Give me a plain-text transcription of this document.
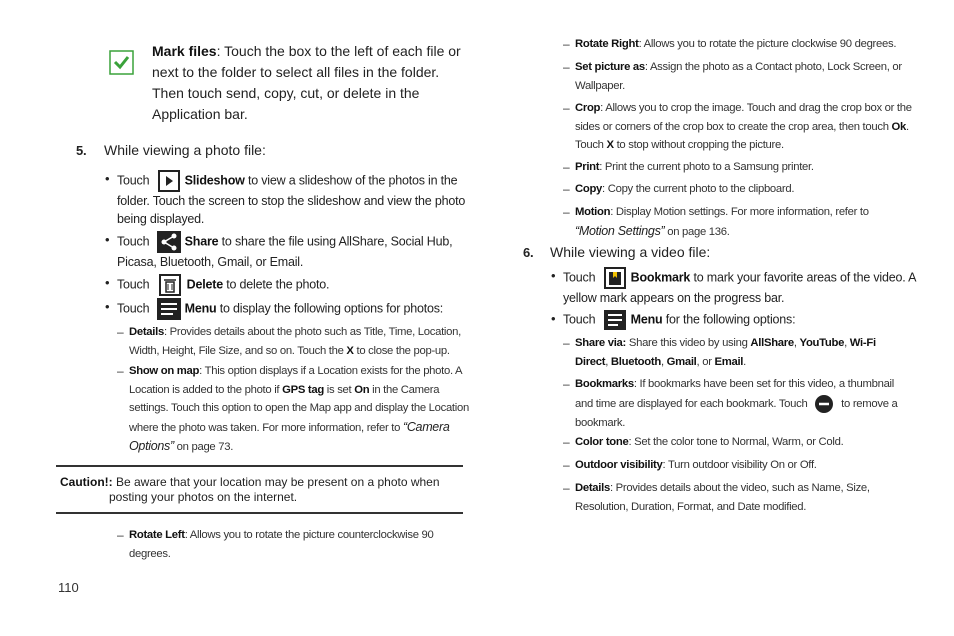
Mark files: Touch the box to the left of each file or
next to the folder to select all files in the folder.
Then touch send, copy, cut, or delete in the
Application bar.
5. While viewing a photo file:
• Touch	Slideshow to view a slideshow of the photos in the
folder. Touch the screen to stop the slideshow and view the photo
being displayed.
• Touch	Share to share the file using AllShare, Social Hub,
Picasa, Bluetooth, Gmail, or Email.
• Touch	Delete to delete the photo.
• Touch	Menu to display the following options for photos:
– Details: Provides details about the photo such as Title, Time, Location,
Width, Height, File Size, and so on. Touch the X to close the pop-up.
– Show on map: This option displays if a Location exists for the photo. A
Location is added to the photo if GPS tag is set On in the Camera
settings. Touch this option to open the Map app and display the Location
where the photo was taken. For more information, refer to “Camera
Options” on page 73.
Caution!: Be aware that your location may be present on a photo when
posting your photos on the internet.
– Rotate Left: Allows you to rotate the picture counterclockwise 90
degrees.
110
– Rotate Right: Allows you to rotate the picture clockwise 90 degrees.
– Set picture as: Assign the photo as a Contact photo, Lock Screen, or
Wallpaper.
– Crop: Allows you to crop the image. Touch and drag the crop box or the
sides or corners of the crop box to create the crop area, then touch Ok.
Touch X to stop without cropping the picture.
– Print: Print the current photo to a Samsung printer.
– Copy: Copy the current photo to the clipboard.
– Motion: Display Motion settings. For more information, refer to
“Motion Settings” on page 136.
6. While viewing a video file:
• Touch	Bookmark to mark your favorite areas of the video. A
yellow mark appears on the progress bar.
• Touch	Menu for the following options:
– Share via: Share this video by using AllShare, YouTube, Wi-Fi
Direct, Bluetooth, Gmail, or Email.
– Bookmarks: If bookmarks have been set for this video, a thumbnail
and time are displayed for each bookmark. Touch  to remove a
bookmark.
– Color tone: Set the color tone to Normal, Warm, or Cold.
– Outdoor visibility: Turn outdoor visibility On or Off.
– Details: Provides details about the video, such as Name, Size,
Resolution, Duration, Format, and Date modified.
